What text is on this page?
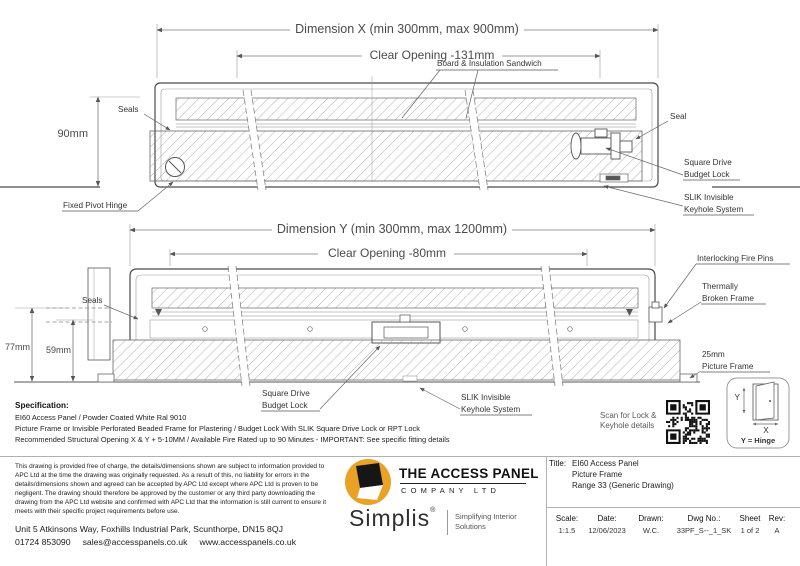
Dimension X (min 300mm, max 900mm)
Clear Opening -131mm
Board & Insulation Sandwich
Seals
90mm
Seal
Square Drive
Budget Lock
SLIK Invisible
Keyhole System
Fixed Pivot Hinge
Dimension Y (min 300mm, max 1200mm)
Clear Opening -80mm	Interlocking Fire Pins
Thermally
Broken Frame
Seals
77mm 59mm	25mm
Picture Frame
Square Drive
Budget Lock
SLIK Invisible
Keyhole System
Y
X
Y = Hinge
Specification:
EI60 Access Panel / Powder Coated White Ral 9010
Picture Frame or Invisible Perforated Beaded Frame for Plastering / Budget Lock With SLIK Square Drive Lock or RPT Lock
Recommended Structural Opening X & Y + 5-10MM / Available Fire Rated up to 90 Minutes - IMPORTANT: See specific fitting details
Scan for Lock &
Keyhole details
This drawing is provided free of charge, the details/dimensions shown are subject to information provided to APC Ltd at the time the drawing was originally requested. As a result of this, no liability for errors in the details/dimensions shown and agreed can be accepted by APC Ltd except where APC Ltd is proven to be negligent. The drawing should therefore be approved by the customer or any third party downloading the drawing from the APC Ltd website and confirmed with APC Ltd that the information is still current to ensure it meets with their specific project requirements before use.
Unit 5 Atkinsons Way, Foxhills Industrial Park, Scunthorpe, DN15 8QJ
01724 853090 sales@accesspanels.co.uk www.accesspanels.co.uk
THE ACCESS PANEL
COMPANY LTD
Simplis®
Simplifying Interior
Solutions
Title: EI60 Access Panel
Picture Frame
Range 33 (Generic Drawing)
Scale:
1:1.5
Date:
12/06/2023
Drawn:
W.C.
Dwg No.:
33PF_S--_1_SK
Sheet
1 of 2
Rev:
A
